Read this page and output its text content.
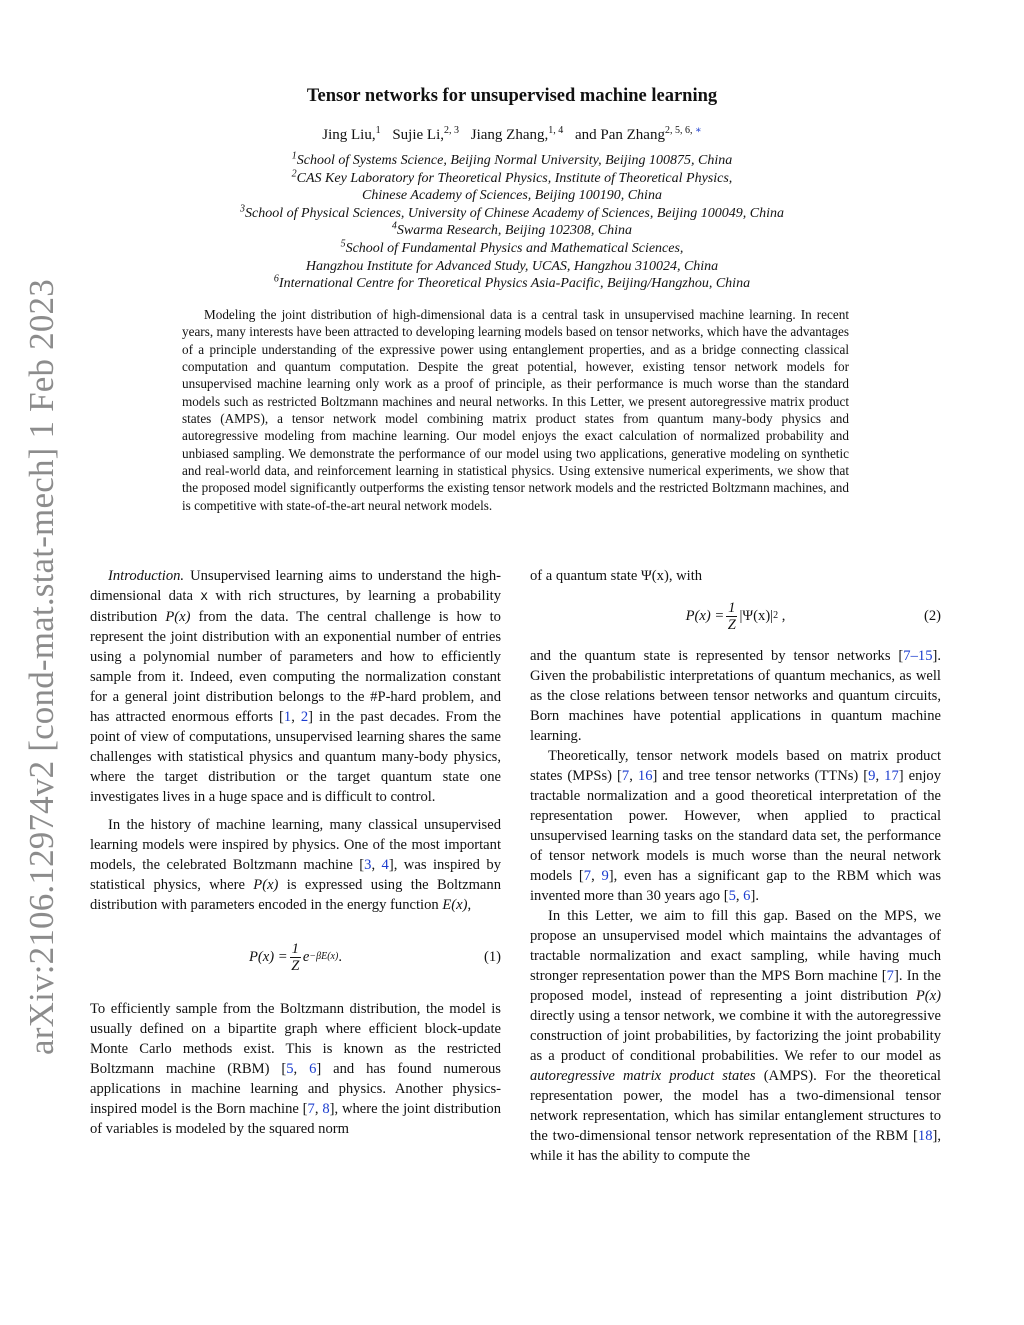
arXiv:2106.12974v2 [cond-mat.stat-mech] 1 Feb 2023
Tensor networks for unsupervised machine learning
Jing Liu,$^1$ Sujie Li,$^{2, 3}$ Jiang Zhang,$^{1, 4}$ and Pan Zhang$^{2, 5, 6, ∗}$
$^1$School of Systems Science, Beijing Normal University, Beijing 100875, China
$^2$CAS Key Laboratory for Theoretical Physics, Institute of Theoretical Physics,
Chinese Academy of Sciences, Beijing 100190, China
$^3$School of Physical Sciences, University of Chinese Academy of Sciences, Beijing 100049, China
$^4$Swarma Research, Beijing 102308, China
$^5$School of Fundamental Physics and Mathematical Sciences,
Hangzhou Institute for Advanced Study, UCAS, Hangzhou 310024, China
$^6$International Centre for Theoretical Physics Asia-Pacific, Beijing/Hangzhou, China
Modeling the joint distribution of high-dimensional data is a central task in unsupervised machine learning. In recent years, many interests have been attracted to developing learning models based on tensor networks, which have the advantages of a principle understanding of the expressive power using entanglement properties, and as a bridge connecting classical computation and quantum computation. Despite the great potential, however, existing tensor network models for unsupervised machine learning only work as a proof of principle, as their performance is much worse than the standard models such as restricted Boltzmann machines and neural networks. In this Letter, we present autoregressive matrix product states (AMPS), a tensor network model combining matrix product states from quantum many-body physics and autoregressive modeling from machine learning. Our model enjoys the exact calculation of normalized probability and unbiased sampling. We demonstrate the performance of our model using two applications, generative modeling on synthetic and real-world data, and reinforcement learning in statistical physics. Using extensive numerical experiments, we show that the proposed model significantly outperforms the existing tensor network models and the restricted Boltzmann machines, and is competitive with state-of-the-art neural network models.

Introduction. Unsupervised learning aims to understand the high-dimensional data x with rich structures, by learning a probability distribution P(x) from the data. The central challenge is how to represent the joint distribution with an exponential number of entries using a polynomial number of parameters and how to efficiently sample from it. Indeed, even computing the normalization constant for a general joint distribution belongs to the #P-hard problem, and has attracted enormous efforts [1, 2] in the past decades. From the point of view of computations, unsupervised learning shares the same challenges with statistical physics and quantum many-body physics, where the target distribution or the target quantum state one investigates lives in a huge space and is difficult to control.

In the history of machine learning, many classical unsupervised learning models were inspired by physics. One of the most important models, the celebrated Boltzmann machine [3, 4], was inspired by statistical physics, where P(x) is expressed using the Boltzmann distribution with parameters encoded in the energy function E(x),

$P(x) = \frac{1}{Z}$ e −βE(x) .	(1)

To efficiently sample from the Boltzmann distribution, the model is usually defined on a bipartite graph where efficient block-update Monte Carlo methods exist. This is known as the restricted Boltzmann machine (RBM) [5, 6] and has found numerous applications in machine learning and physics. Another physics-inspired model is the Born machine [7, 8], where the joint distribution of variables is modeled by the squared norm

of a quantum state Ψ(x), with

$P(x) = \frac{1}{Z} |\Psi(x)|$ 2
,	(2)

and the quantum state is represented by tensor networks [7–15]. Given the probabilistic interpretations of quantum mechanics, as well as the close relations between tensor networks and quantum circuits, Born machines have potential applications in quantum machine learning.

Theoretically, tensor network models based on matrix product states (MPSs) [7, 16] and tree tensor networks (TTNs) [9, 17] enjoy tractable normalization and a good theoretical interpretation of the representation power. However, when applied to practical unsupervised learning tasks on the standard data set, the performance of tensor network models is much worse than the neural network models [7, 9], even has a significant gap to the RBM which was invented more than 30 years ago [5, 6].

In this Letter, we aim to fill this gap. Based on the MPS, we propose an unsupervised model which maintains the advantages of tractable normalization and exact sampling, while having much stronger representation power than the MPS Born machine [7]. In the proposed model, instead of representing a joint distribution P(x) directly using a tensor network, we combine it with the autoregressive construction of joint probabilities, by factorizing the joint probability as a product of conditional probabilities. We refer to our model as autoregressive matrix product states (AMPS). For the theoretical representation power, the model has a two-dimensional tensor network representation, which has similar entanglement structures to the two-dimensional tensor network representation of the RBM [18], while it has the ability to compute the
